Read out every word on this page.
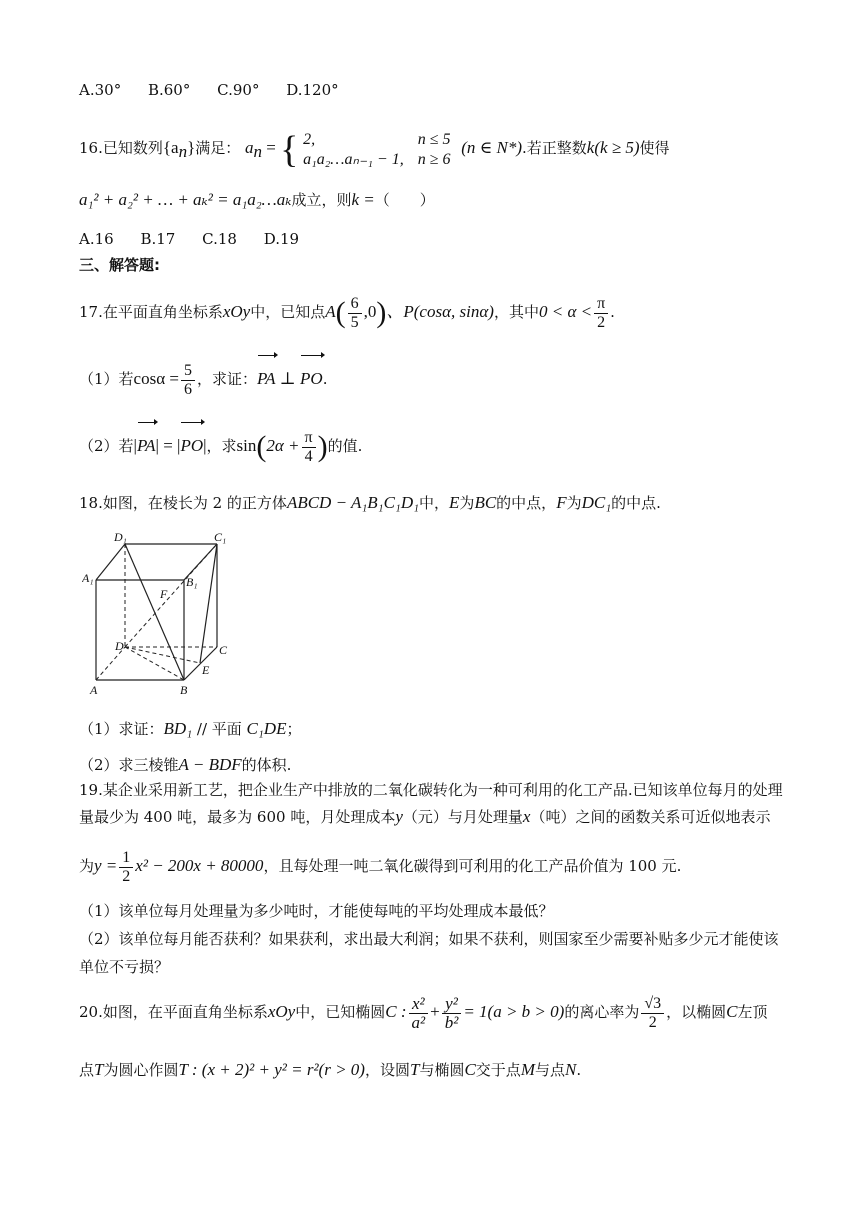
A.30° B.60° C.90° D.120°
16.已知数列$\{a_n\}$满足： $a_n$ = { 2,	n ≤ 5
a₁a₂…aₙ₋₁ − 1,	n ≥ 6 (n ∈ N*).若正整数k(k ≥ 5)使得
a₁² + a₂² + … + aₖ² = a₁a₂…aₖ成立，则k =（　　）
A.16 B.17 C.18 D.19
三、解答题:
17.在平面直角坐标系xOy中，已知点$A( \frac{6}{5} ,0)$、P(cosα, sinα)，其中$0 < \alpha < \frac{\pi}{2}$ .
（1）若$\cos\alpha = \frac{5}{6}$ ，求证：PA ⊥ PO.
（2）若|PA| = |PO|，求$\sin(2\alpha + \frac{\pi}{4}$ )的值.
18.如图，在棱长为 2 的正方体ABCD − A₁B₁C₁D₁中，E为BC的中点，F为DC₁的中点.
D₁	C₁
A₁	B₁
F
D	C
E
A	B
（1）求证：BD₁ // 平面 C₁DE；
（2）求三棱锥A − BDF的体积.
19.某企业采用新工艺，把企业生产中排放的二氧化碳转化为一种可利用的化工产品.已知该单位每月的处理
量最少为 400 吨，最多为 600 吨，月处理成本y（元）与月处理量x（吨）之间的函数关系可近似地表示
为$y = \frac{1}{2} x^2 - 200x + 80000$，且每处理一吨二氧化碳得到可利用的化工产品价值为 100 元.
（1）该单位每月处理量为多少吨时，才能使每吨的平均处理成本最低？
（2）该单位每月能否获利？如果获利，求出最大利润；如果不获利，则国家至少需要补贴多少元才能使该
单位不亏损？
20.如图，在平面直角坐标系xOy中，已知椭圆C : $\frac{\text{x²}}{\text{a²}} + \frac{\text{y²}}{\text{b²}} = 1(a > b > 0)$的离心率为 $\frac{√3}{2}$ ，以椭圆C左顶
点T为圆心作圆T : (x + 2)² + y² = r²(r > 0)，设圆T与椭圆C交于点M与点N.
